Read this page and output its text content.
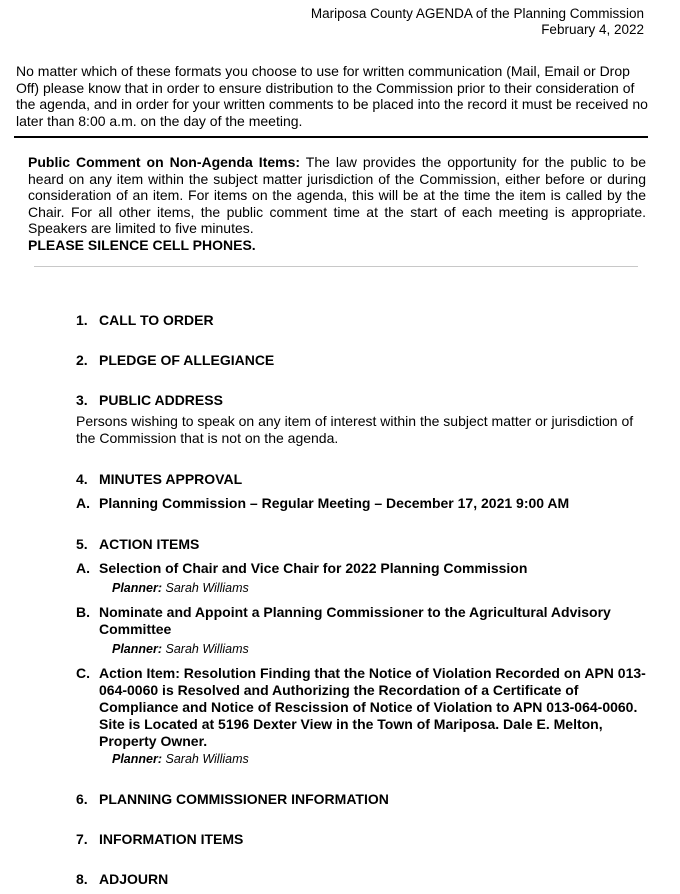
Mariposa County AGENDA of the Planning Commission
February 4, 2022
No matter which of these formats you choose to use for written communication (Mail, Email or Drop Off) please know that in order to ensure distribution to the Commission prior to their consideration of the agenda, and in order for your written comments to be placed into the record it must be received no later than 8:00 a.m. on the day of the meeting.
Public Comment on Non-Agenda Items: The law provides the opportunity for the public to be heard on any item within the subject matter jurisdiction of the Commission, either before or during consideration of an item. For items on the agenda, this will be at the time the item is called by the Chair. For all other items, the public comment time at the start of each meeting is appropriate. Speakers are limited to five minutes.
PLEASE SILENCE CELL PHONES.
1. CALL TO ORDER
2. PLEDGE OF ALLEGIANCE
3. PUBLIC ADDRESS
Persons wishing to speak on any item of interest within the subject matter or jurisdiction of the Commission that is not on the agenda.
4. MINUTES APPROVAL
A. Planning Commission – Regular Meeting – December 17, 2021 9:00 AM
5. ACTION ITEMS
A. Selection of Chair and Vice Chair for 2022 Planning Commission
Planner: Sarah Williams
B. Nominate and Appoint a Planning Commissioner to the Agricultural Advisory Committee
Planner: Sarah Williams
C. Action Item: Resolution Finding that the Notice of Violation Recorded on APN 013-064-0060 is Resolved and Authorizing the Recordation of a Certificate of Compliance and Notice of Rescission of Notice of Violation to APN 013-064-0060. Site is Located at 5196 Dexter View in the Town of Mariposa. Dale E. Melton, Property Owner.
Planner: Sarah Williams
6. PLANNING COMMISSIONER INFORMATION
7. INFORMATION ITEMS
8. ADJOURN
